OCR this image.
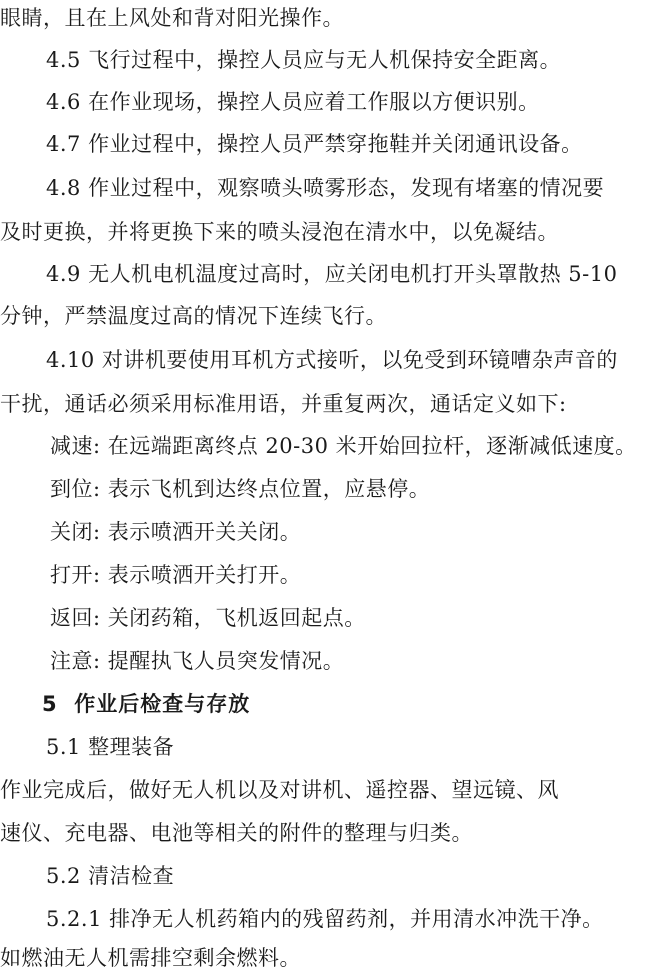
眼睛，且在上风处和背对阳光操作。
4.5 飞行过程中，操控人员应与无人机保持安全距离。
4.6 在作业现场，操控人员应着工作服以方便识别。
4.7 作业过程中，操控人员严禁穿拖鞋并关闭通讯设备。
4.8 作业过程中，观察喷头喷雾形态，发现有堵塞的情况要
及时更换，并将更换下来的喷头浸泡在清水中，以免凝结。
4.9 无人机电机温度过高时，应关闭电机打开头罩散热 5-10
分钟，严禁温度过高的情况下连续飞行。
4.10 对讲机要使用耳机方式接听，以免受到环镜嘈杂声音的
干扰，通话必须采用标准用语，并重复两次，通话定义如下:
减速: 在远端距离终点 20-30 米开始回拉杆，逐渐减低速度。
到位: 表示飞机到达终点位置，应悬停。
关闭: 表示喷洒开关关闭。
打开: 表示喷洒开关打开。
返回: 关闭药箱，飞机返回起点。
注意: 提醒执飞人员突发情况。
5  作业后检查与存放
5.1 整理装备
作业完成后，做好无人机以及对讲机、遥控器、望远镜、风
速仪、充电器、电池等相关的附件的整理与归类。
5.2 清洁检查
5.2.1 排净无人机药箱内的残留药剂，并用清水冲洗干净。
如燃油无人机需排空剩余燃料。
